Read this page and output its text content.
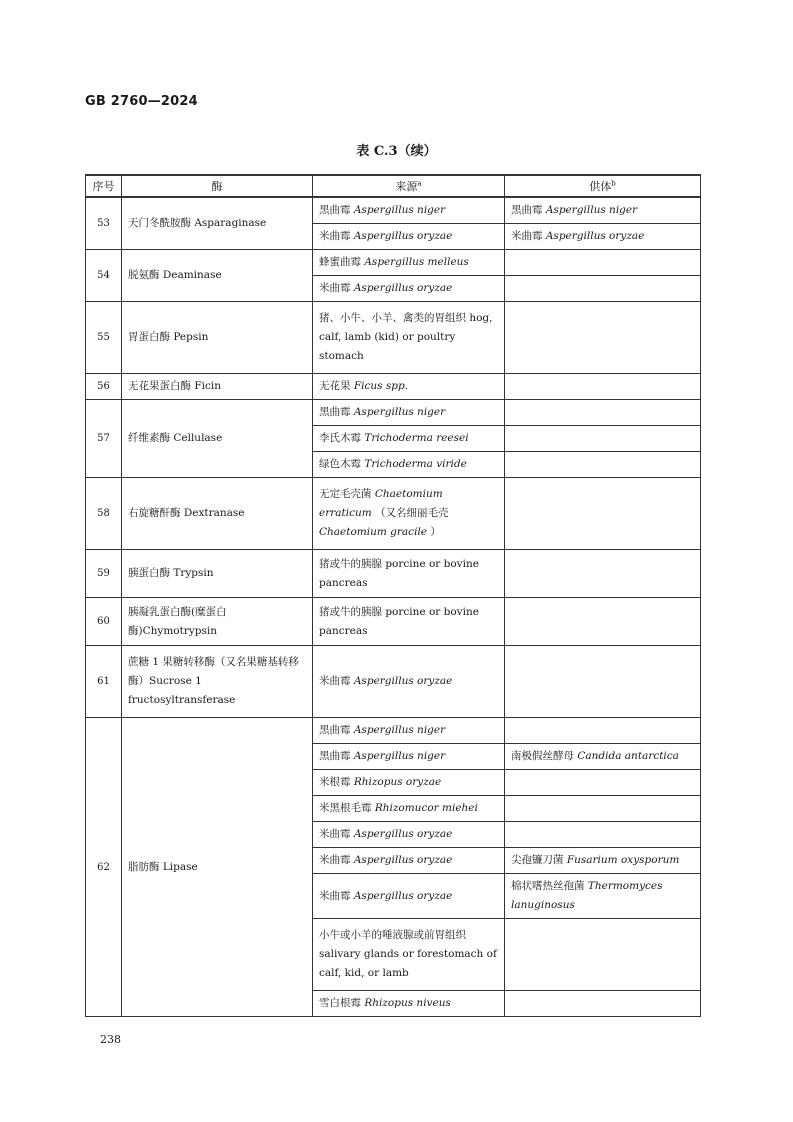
GB 2760—2024
表 C.3（续）
序号	酶	来源$^a$	供体$^b$
53	天门冬酰胺酶 Asparaginase	黑曲霉 Aspergillus niger	黑曲霉 Aspergillus niger
		米曲霉 Aspergillus oryzae	米曲霉 Aspergillus oryzae
54	脱氨酶 Deaminase	蜂蜜曲霉 Aspergillus melleus	
		米曲霉 Aspergillus oryzae	
55	胃蛋白酶 Pepsin	猪、小牛、小羊、禽类的胃组织 hog, calf, lamb (kid) or poultry stomach	
56	无花果蛋白酶 Ficin	无花果 Ficus spp.	
57	纤维素酶 Cellulase	黑曲霉 Aspergillus niger	
		李氏木霉 Trichoderma reesei	
		绿色木霉 Trichoderma viride	
58	右旋糖酐酶 Dextranase	无定毛壳菌 Chaetomium erraticum （又名细丽毛壳 Chaetomium gracile ）	
59	胰蛋白酶 Trypsin	猪或牛的胰腺 porcine or bovine pancreas	
60	胰凝乳蛋白酶(糜蛋白酶)Chymotrypsin	猪或牛的胰腺 porcine or bovine pancreas	
61	蔗糖 1 果糖转移酶（又名果糖基转移酶）Sucrose 1 fructosyltransferase	米曲霉 Aspergillus oryzae	
62	脂肪酶 Lipase	黑曲霉 Aspergillus niger	
		黑曲霉 Aspergillus niger	南极假丝酵母 Candida antarctica
		米根霉 Rhizopus oryzae	
		米黑根毛霉 Rhizomucor miehei	
		米曲霉 Aspergillus oryzae	
		米曲霉 Aspergillus oryzae	尖孢镰刀菌 Fusarium oxysporum
		米曲霉 Aspergillus oryzae	棉状嗜热丝孢菌 Thermomyces lanuginosus
		小牛或小羊的唾液腺或前胃组织 salivary glands or forestomach of calf, kid, or lamb	
		雪白根霉 Rhizopus niveus	
238
